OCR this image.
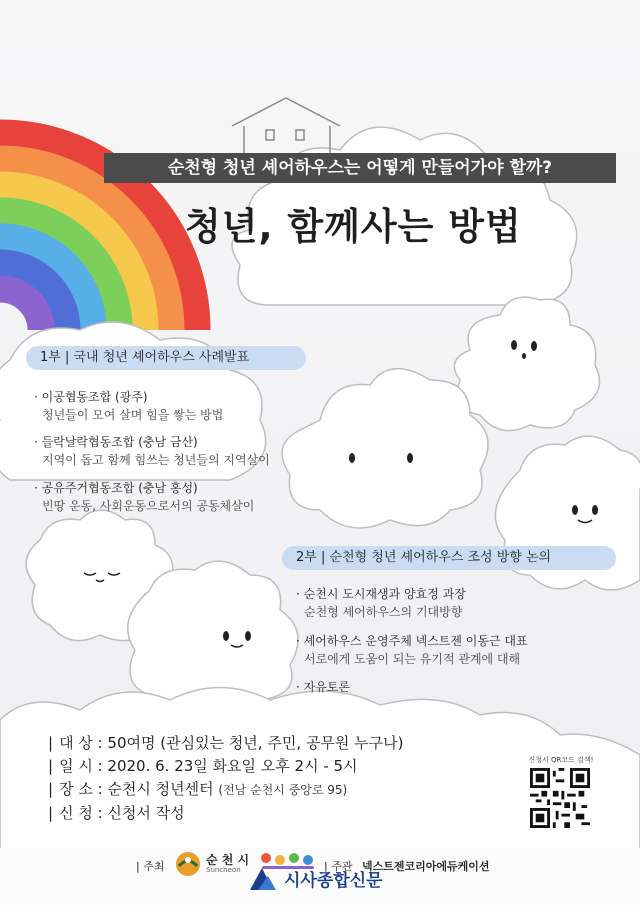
순천형 청년 셰어하우스는 어떻게 만들어가야 할까?
청년, 함께사는 방법
1부 | 국내 청년 셰어하우스 사례발표
· 이공협동조합 (광주)
청년들이 모여 살며 힘을 쌓는 방법
· 들락날락협동조합 (충남 금산)
지역이 돕고 함께 힘쓰는 청년들의 지역살이
· 공유주거협동조합 (충남 홍성)
빈땅 운동, 사회운동으로서의 공동체살이
2부 | 순천형 청년 셰어하우스 조성 방향 논의
· 순천시 도시재생과 양효정 과장
순천형 셰어하우스의 기대방향
· 셰어하우스 운영주체 넥스트젠 이동근 대표
서로에게 도움이 되는 유기적 관계에 대해
· 자유토론
| 대 상 : 50여명 (관심있는 청년, 주민, 공무원 누구나)
| 일 시 : 2020. 6. 23일 화요일 오후 2시 - 5시
| 장 소 : 순천시 청년센터 (전남 순천시 중앙로 95)
| 신 청 : 신청서 작성
신청서 QR코드 검색!
| 주최	순 천 시
Suncheon	| 주관 넥스트젠코리아에듀케이션
시사종합신문
